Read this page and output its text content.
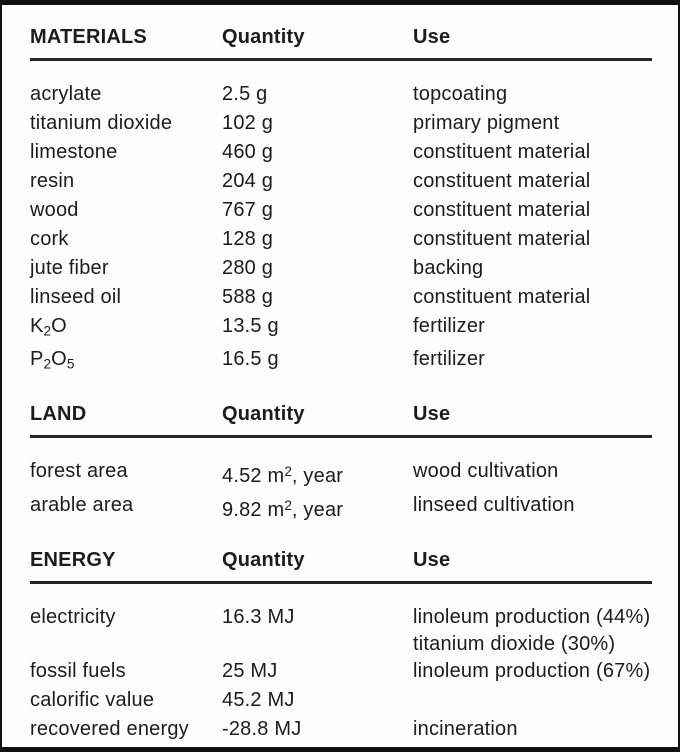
MATERIALS	Quantity	Use
acrylate	2.5 g	topcoating
titanium dioxide	102 g	primary pigment
limestone	460 g	constituent material
resin	204 g	constituent material
wood	767 g	constituent material
cork	128 g	constituent material
jute fiber	280 g	backing
linseed oil	588 g	constituent material
$K_2O$	13.5 g	fertilizer
$P_2O_5$	16.5 g	fertilizer
LAND	Quantity	Use
forest area	4.52 $m^2$, year	wood cultivation
arable area	9.82 $m^2$, year	linseed cultivation
ENERGY	Quantity	Use
electricity	16.3 MJ	linoleum production (44%)
titanium dioxide (30%)
fossil fuels	25 MJ	linoleum production (67%)
calorific value	45.2 MJ
recovered energy	-28.8 MJ	incineration
